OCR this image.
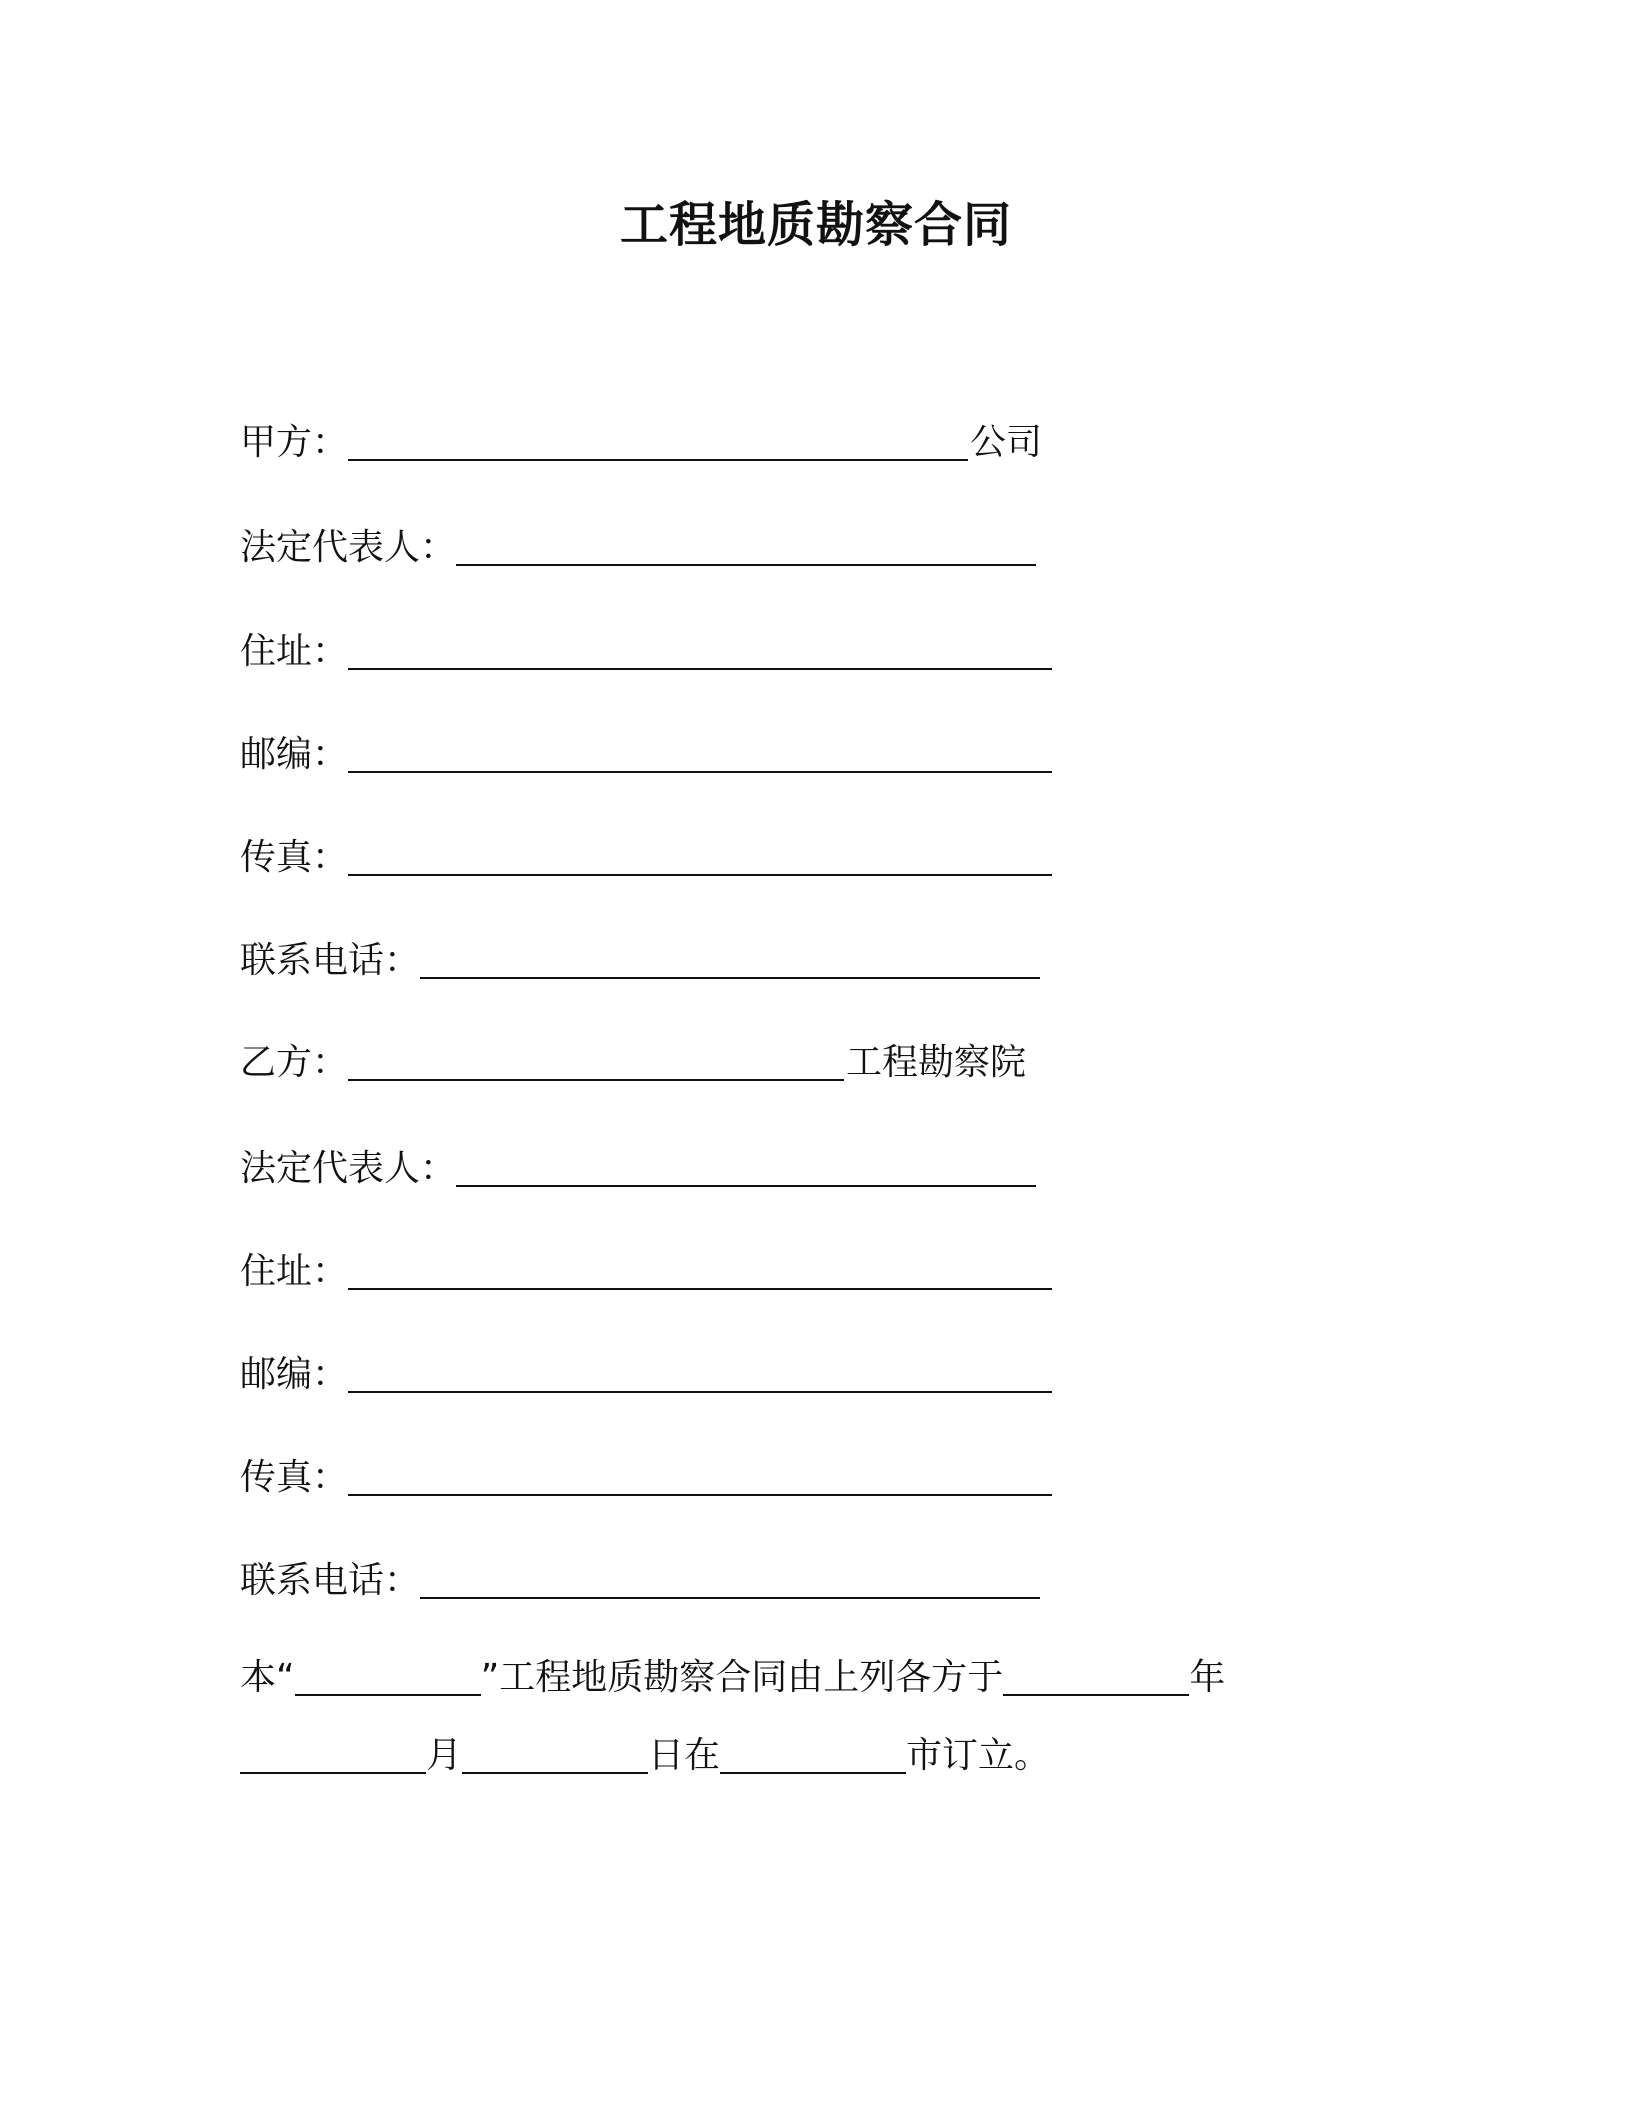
工程地质勘察合同
甲方：	公司
法定代表人：
住址：
邮编：
传真：
联系电话：
乙方：	工程勘察院
法定代表人：
住址：
邮编：
传真：
联系电话：
本“	”工程地质勘察合同由上列各方于	年
月	日在	市订立。
